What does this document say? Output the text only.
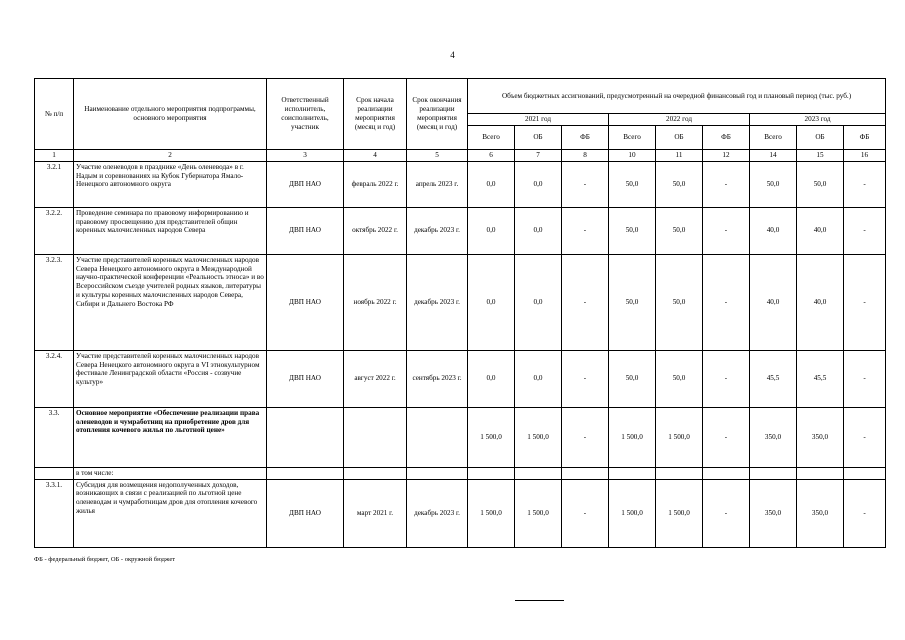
4
№ п/п	Наименование отдельного мероприятия подпрограммы, основного мероприятия	Ответственный исполнитель, соисполнитель, участник	Срок начала реализации мероприятия (месяц и год)	Срок окончания реализации мероприятия (месяц и год)	Объем бюджетных ассигнований, предусмотренный на очередной финансовый год и плановый период (тыс. руб.)								
					2021 год			2022 год			2023 год		
					Всего	ОБ	ФБ	Всего	ОБ	ФБ	Всего	ОБ	ФБ
1	2	3	4	5	6	7	8	10	11	12	14	15	16
3.2.1	Участие оленеводов в празднике «День оленевода» в г. Надым и соревнованиях на Кубок Губернатора Ямало-Ненецкого автономного округа	ДВП НАО	февраль 2022 г.	апрель 2023 г.	0,0	0,0	-	50,0	50,0	-	50,0	50,0	-
3.2.2.	Проведение семинара по правовому информированию и правовому просвещению для представителей общин коренных малочисленных народов Севера	ДВП НАО	октябрь 2022 г.	декабрь 2023 г.	0,0	0,0	-	50,0	50,0	-	40,0	40,0	-
3.2.3.	Участие представителей коренных малочисленных народов Севера Ненецкого автономного округа в Международной научно-практической конференции «Реальность этноса» и во Всероссийском съезде учителей родных языков, литературы и культуры коренных малочисленных народов Севера, Сибири и Дальнего Востока РФ	ДВП НАО	ноябрь 2022 г.	декабрь 2023 г.	0,0	0,0	-	50,0	50,0	-	40,0	40,0	-
3.2.4.	Участие представителей коренных малочисленных народов Севера Ненецкого автономного округа в VI этнокультурном фестивале Ленинградской области «Россия - созвучие культур»	ДВП НАО	август 2022 г.	сентябрь 2023 г.	0,0	0,0	-	50,0	50,0	-	45,5	45,5	-
3.3.	Основное мероприятие «Обеспечение реализации права оленеводов и чумработниц на приобретение дров для отопления кочевого жилья по льготной цене»				1 500,0	1 500,0	-	1 500,0	1 500,0	-	350,0	350,0	-
	в том числе:												
3.3.1.	Субсидия для возмещения недополученных доходов, возникающих в связи с реализацией по льготной цене оленеводам и чумработницам дров для отопления кочевого жилья	ДВП НАО	март 2021 г.	декабрь 2023 г.	1 500,0	1 500,0	-	1 500,0	1 500,0	-	350,0	350,0	-
ФБ - федеральный бюджет, ОБ - окружной бюджет
